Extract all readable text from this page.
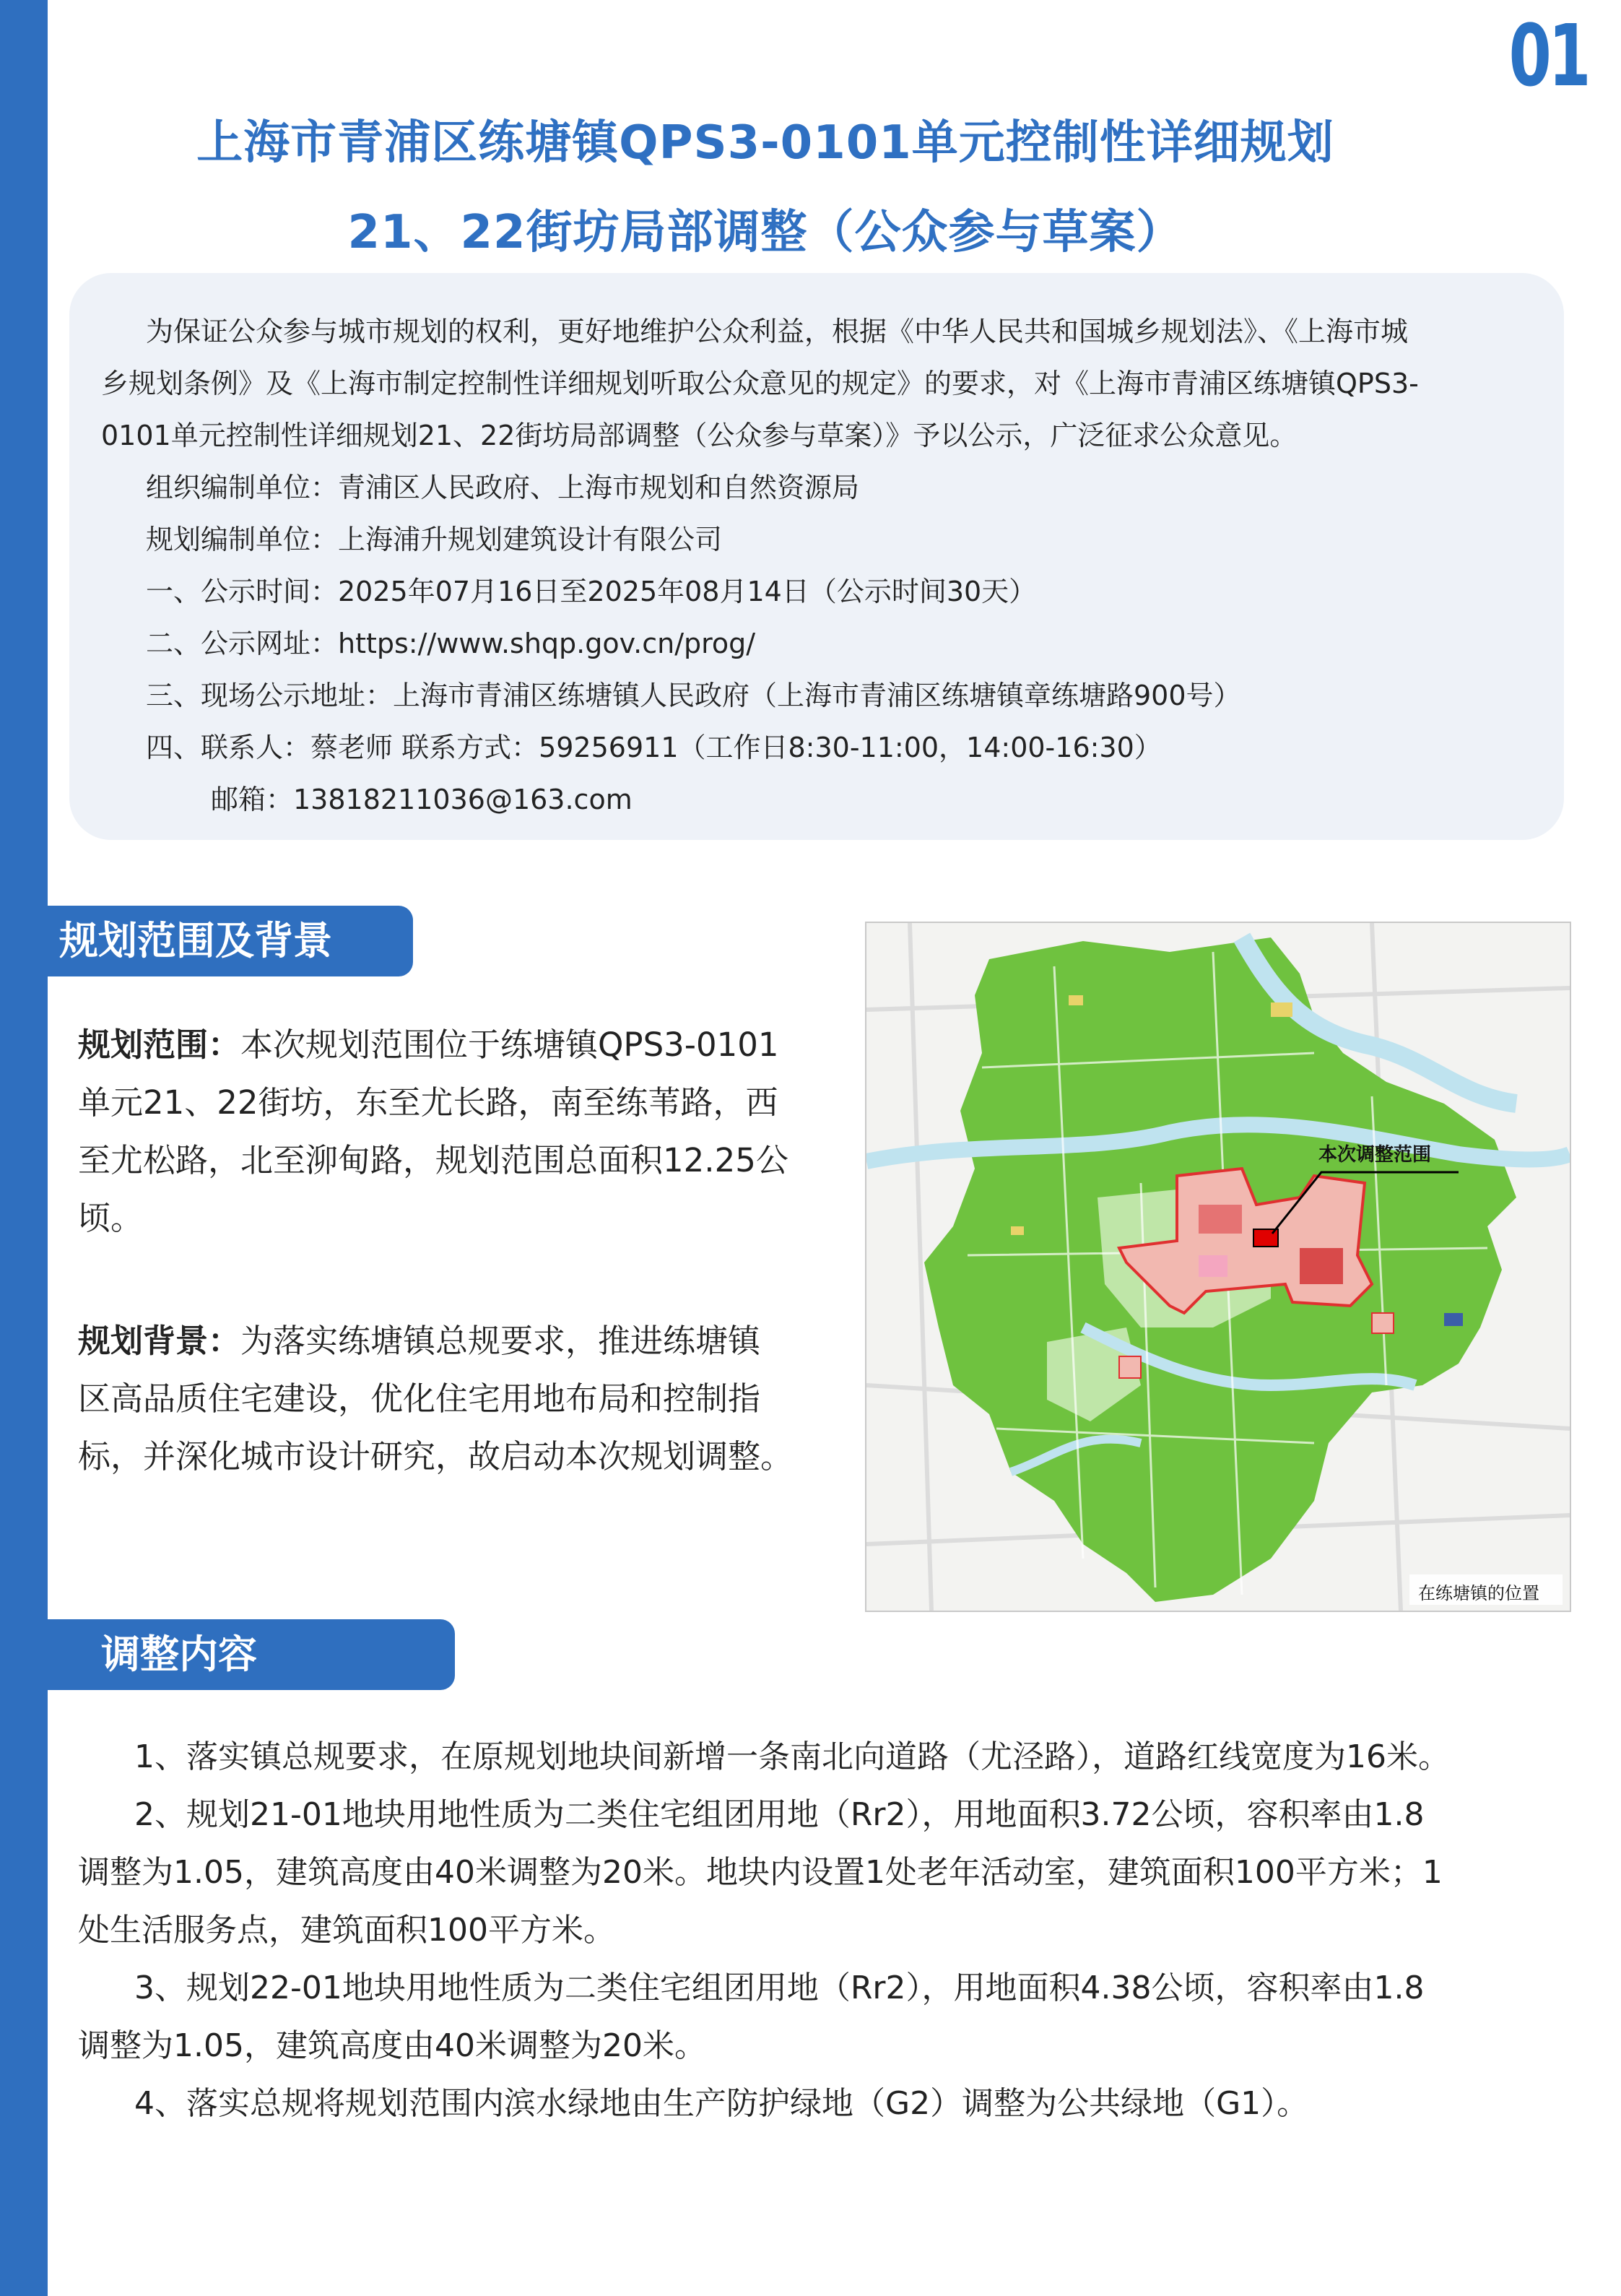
01
上海市青浦区练塘镇QPS3-0101单元控制性详细规划
21、22街坊局部调整（公众参与草案）

为保证公众参与城市规划的权利，更好地维护公众利益，根据《中华人民共和国城乡规划法》、《上海市城

乡规划条例》及《上海市制定控制性详细规划听取公众意见的规定》的要求，对《上海市青浦区练塘镇QPS3-

0101单元控制性详细规划21、22街坊局部调整（公众参与草案）》予以公示，广泛征求公众意见。

组织编制单位：青浦区人民政府、上海市规划和自然资源局

规划编制单位：上海浦升规划建筑设计有限公司

一、公示时间：2025年07月16日至2025年08月14日（公示时间30天）

二、公示网址：https://www.shqp.gov.cn/prog/

三、现场公示地址：上海市青浦区练塘镇人民政府（上海市青浦区练塘镇章练塘路900号）

四、联系人：蔡老师 联系方式：59256911（工作日8:30-11:00，14:00-16:30）

邮箱：13818211036@163.com

规划范围及背景

规划范围：本次规划范围位于练塘镇QPS3-0101

单元21、22街坊，东至尤长路，南至练苇路，西

至尤松路，北至泖甸路，规划范围总面积12.25公

顷。

规划背景：为落实练塘镇总规要求，推进练塘镇

区高品质住宅建设，优化住宅用地布局和控制指

标，并深化城市设计研究，故启动本次规划调整。

本次调整范围
在练塘镇的位置
调整内容

1、落实镇总规要求，在原规划地块间新增一条南北向道路（尤泾路），道路红线宽度为16米。

2、规划21-01地块用地性质为二类住宅组团用地（Rr2），用地面积3.72公顷，容积率由1.8

调整为1.05，建筑高度由40米调整为20米。地块内设置1处老年活动室，建筑面积100平方米；1

处生活服务点，建筑面积100平方米。

3、规划22-01地块用地性质为二类住宅组团用地（Rr2），用地面积4.38公顷，容积率由1.8

调整为1.05，建筑高度由40米调整为20米。

4、落实总规将规划范围内滨水绿地由生产防护绿地（G2）调整为公共绿地（G1）。
